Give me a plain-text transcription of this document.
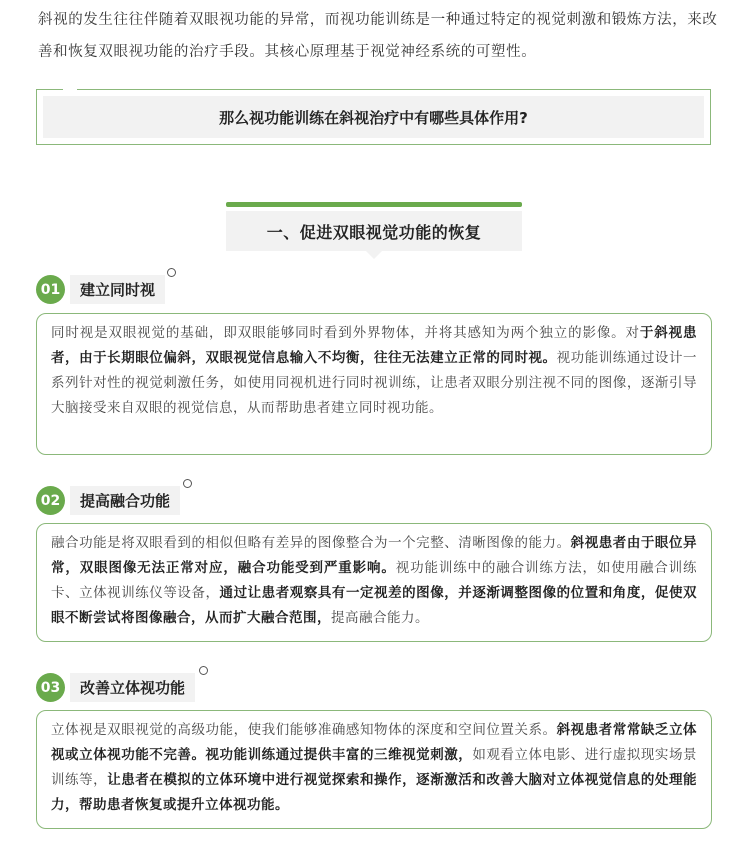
斜视的发生往往伴随着双眼视功能的异常，而视功能训练是一种通过特定的视觉刺激和锻炼方法，来改善和恢复双眼视功能的治疗手段。其核心原理基于视觉神经系统的可塑性。
那么视功能训练在斜视治疗中有哪些具体作用?
一、促进双眼视觉功能的恢复
01	建立同时视
同时视是双眼视觉的基础，即双眼能够同时看到外界物体，并将其感知为两个独立的影像。对于斜视患者，由于长期眼位偏斜，双眼视觉信息输入不均衡，往往无法建立正常的同时视。视功能训练通过设计一系列针对性的视觉刺激任务，如使用同视机进行同时视训练，让患者双眼分别注视不同的图像，逐渐引导大脑接受来自双眼的视觉信息，从而帮助患者建立同时视功能。
02	提高融合功能
融合功能是将双眼看到的相似但略有差异的图像整合为一个完整、清晰图像的能力。斜视患者由于眼位异常，双眼图像无法正常对应，融合功能受到严重影响。视功能训练中的融合训练方法，如使用融合训练卡、立体视训练仪等设备，通过让患者观察具有一定视差的图像，并逐渐调整图像的位置和角度，促使双眼不断尝试将图像融合，从而扩大融合范围，提高融合能力。
03	改善立体视功能
立体视是双眼视觉的高级功能，使我们能够准确感知物体的深度和空间位置关系。斜视患者常常缺乏立体视或立体视功能不完善。视功能训练通过提供丰富的三维视觉刺激，如观看立体电影、进行虚拟现实场景训练等，让患者在模拟的立体环境中进行视觉探索和操作，逐渐激活和改善大脑对立体视觉信息的处理能力，帮助患者恢复或提升立体视功能。
